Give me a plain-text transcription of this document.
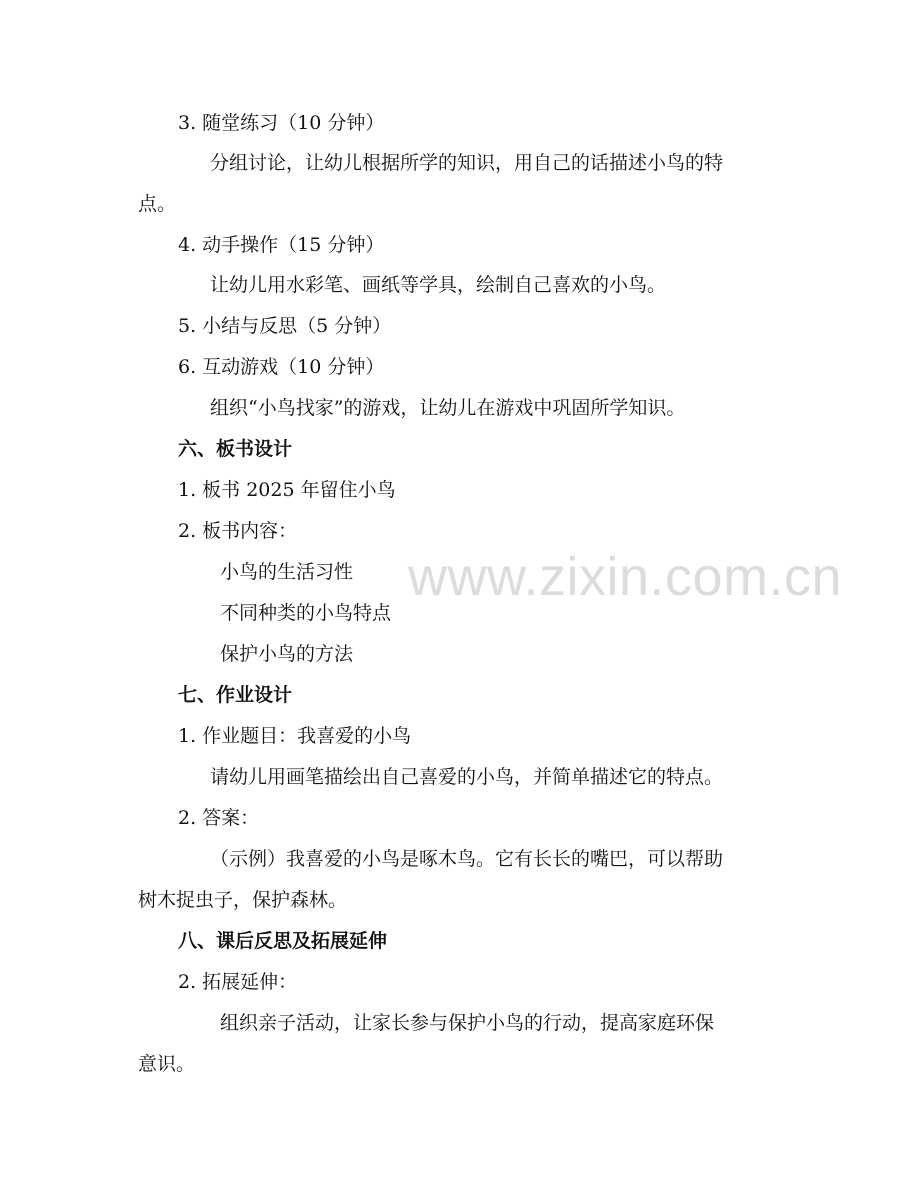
www.zixin.com.cn
3. 随堂练习（10 分钟）
分组讨论，让幼儿根据所学的知识，用自己的话描述小鸟的特
点。
4. 动手操作（15 分钟）
让幼儿用水彩笔、画纸等学具，绘制自己喜欢的小鸟。
5. 小结与反思（5 分钟）
6. 互动游戏（10 分钟）
组织“小鸟找家”的游戏，让幼儿在游戏中巩固所学知识。
六、板书设计
1. 板书 2025 年留住小鸟
2. 板书内容：
小鸟的生活习性
不同种类的小鸟特点
保护小鸟的方法
七、作业设计
1. 作业题目：我喜爱的小鸟
请幼儿用画笔描绘出自己喜爱的小鸟，并简单描述它的特点。
2. 答案：
（示例）我喜爱的小鸟是啄木鸟。它有长长的嘴巴，可以帮助
树木捉虫子，保护森林。
八、课后反思及拓展延伸
2. 拓展延伸：
组织亲子活动，让家长参与保护小鸟的行动，提高家庭环保
意识。
